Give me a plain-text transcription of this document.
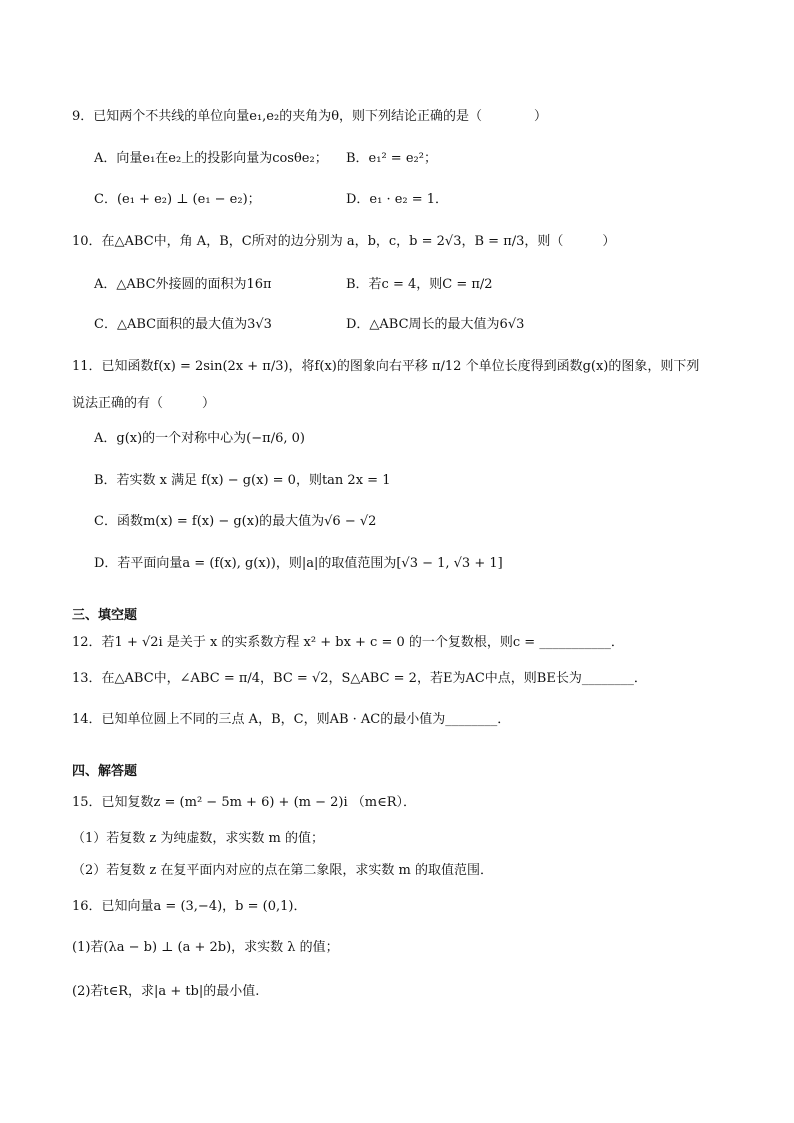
9．已知两个不共线的单位向量e₁,e₂的夹角为θ，则下列结论正确的是（　　　　）
A．向量e₁在e₂上的投影向量为cosθe₂； B．e₁² = e₂²；
C．(e₁ + e₂) ⊥ (e₁ − e₂)；	D．e₁ · e₂ = 1．
10．在△ABC中，角 A，B，C所对的边分别为 a，b，c，b = 2√3，B = π/3，则（　　　）
A．△ABC外接圆的面积为16π	B．若c = 4，则C = π/2
C．△ABC面积的最大值为3√3	D．△ABC周长的最大值为6√3
11．已知函数f(x) = 2sin(2x + π/3)，将f(x)的图象向右平移 π/12 个单位长度得到函数g(x)的图象，则下列
说法正确的有（　　　）
A．g(x)的一个对称中心为(−π/6, 0)
B．若实数 x 满足 f(x) − g(x) = 0，则tan 2x = 1
C．函数m(x) = f(x) − g(x)的最大值为√6 − √2
D．若平面向量a = (f(x), g(x))，则|a|的取值范围为[√3 − 1, √3 + 1]
三、填空题
12．若1 + √2i 是关于 x 的实系数方程 x² + bx + c = 0 的一个复数根，则c = ___________．
13．在△ABC中，∠ABC = π/4，BC = √2，S△ABC = 2，若E为AC中点，则BE长为________．
14．已知单位圆上不同的三点 A，B，C，则AB · AC的最小值为________．
四、解答题
15．已知复数z = (m² − 5m + 6) + (m − 2)i （m∈R）．
（1）若复数 z 为纯虚数，求实数 m 的值；
（2）若复数 z 在复平面内对应的点在第二象限，求实数 m 的取值范围．
16．已知向量a = (3,−4)，b = (0,1)．
(1)若(λa − b) ⊥ (a + 2b)，求实数 λ 的值；
(2)若t∈R，求|a + tb|的最小值.
